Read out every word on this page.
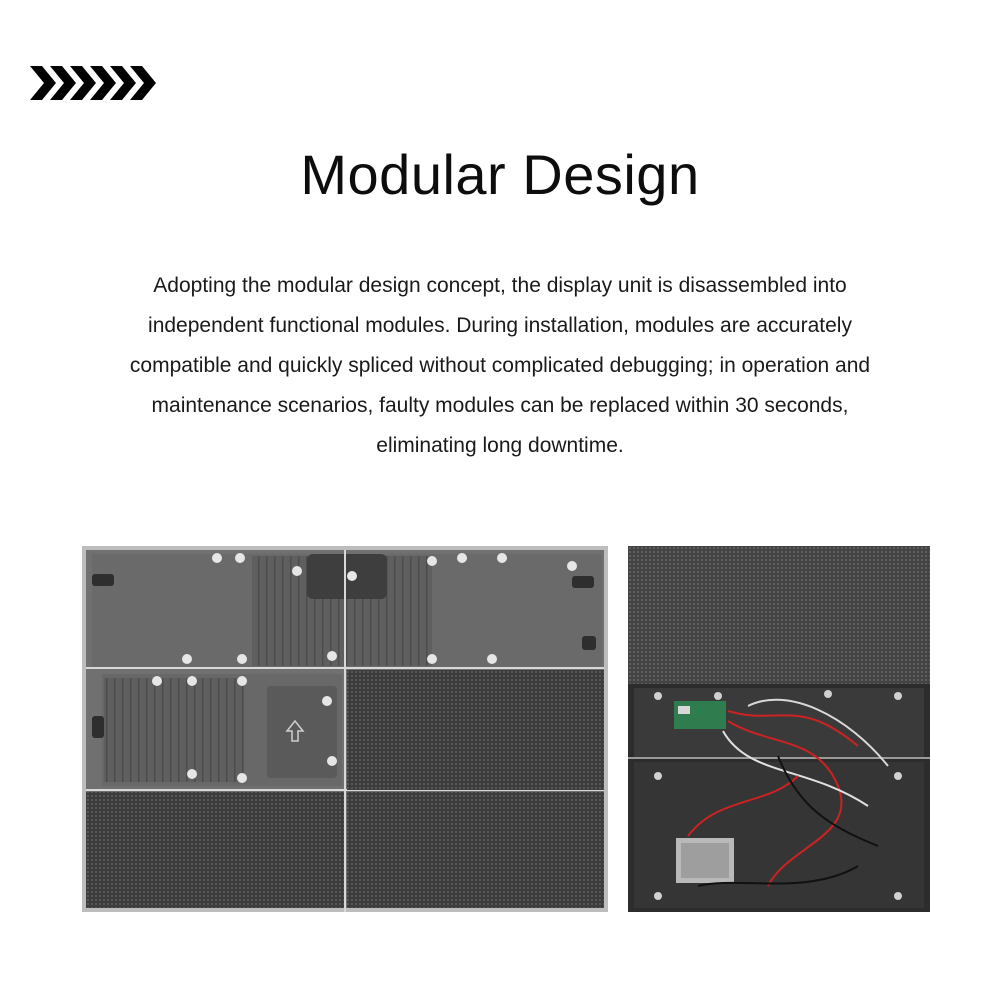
Modular Design
Adopting the modular design concept, the display unit is disassembled into
independent functional modules. During installation, modules are accurately
compatible and quickly spliced without complicated debugging; in operation and
maintenance scenarios, faulty modules can be replaced within 30 seconds,
eliminating long downtime.
